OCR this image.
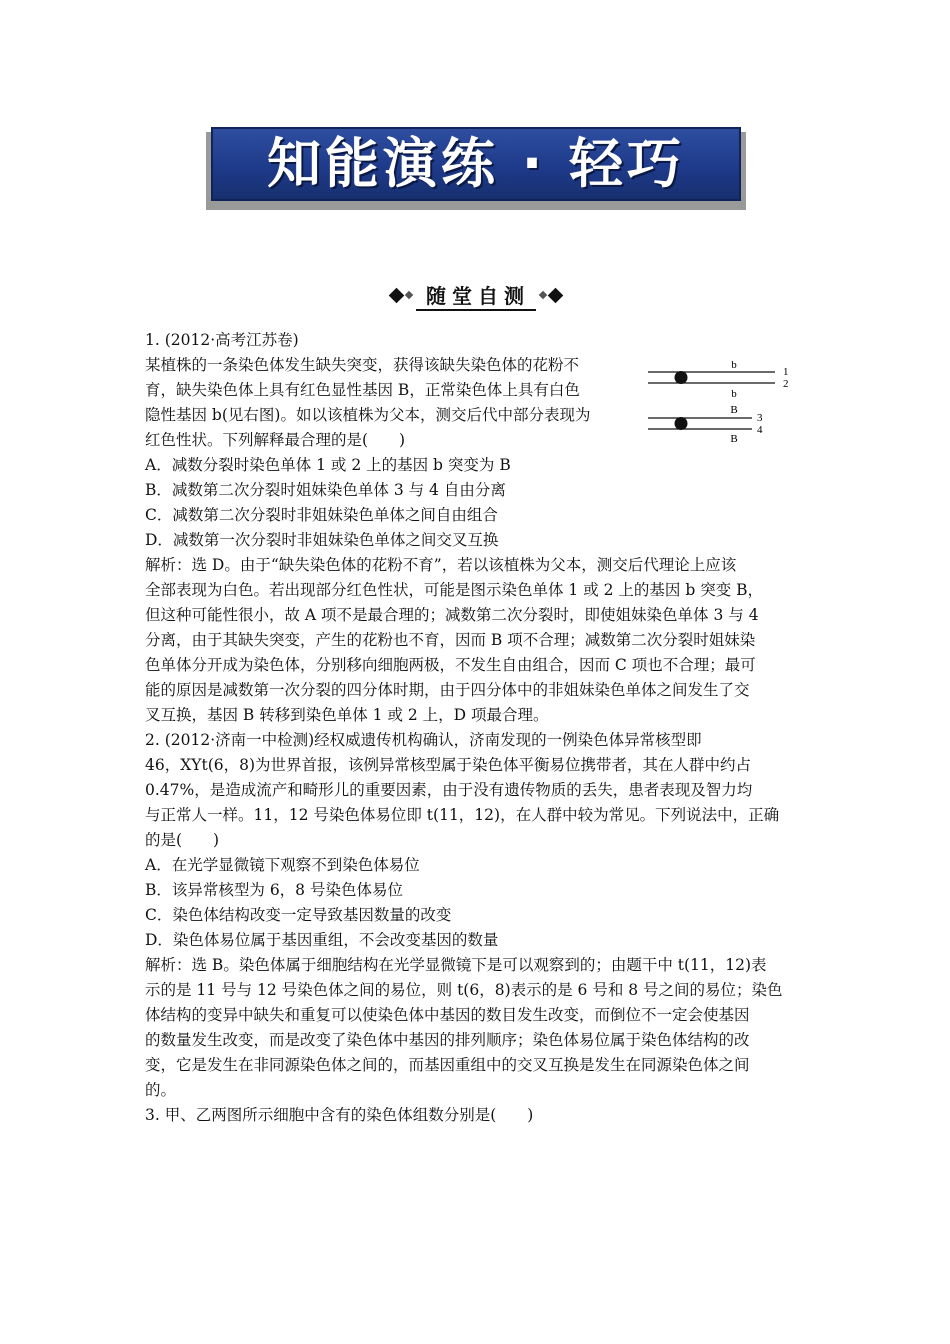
知能演练 · 轻巧
随堂自测
b
b
B
B
1
2
3
4

1. (2012·高考江苏卷)

某植株的一条染色体发生缺失突变，获得该缺失染色体的花粉不

育，缺失染色体上具有红色显性基因 B，正常染色体上具有白色

隐性基因 b(见右图)。如以该植株为父本，测交后代中部分表现为

红色性状。下列解释最合理的是(　　)

A．减数分裂时染色单体 1 或 2 上的基因 b 突变为 B

B．减数第二次分裂时姐妹染色单体 3 与 4 自由分离

C．减数第二次分裂时非姐妹染色单体之间自由组合

D．减数第一次分裂时非姐妹染色单体之间交叉互换

解析：选 D。由于“缺失染色体的花粉不育”，若以该植株为父本，测交后代理论上应该

全部表现为白色。若出现部分红色性状，可能是图示染色单体 1 或 2 上的基因 b 突变 B，

但这种可能性很小，故 A 项不是最合理的；减数第二次分裂时，即使姐妹染色单体 3 与 4

分离，由于其缺失突变，产生的花粉也不育，因而 B 项不合理；减数第二次分裂时姐妹染

色单体分开成为染色体，分别移向细胞两极，不发生自由组合，因而 C 项也不合理；最可

能的原因是减数第一次分裂的四分体时期，由于四分体中的非姐妹染色单体之间发生了交

叉互换，基因 B 转移到染色单体 1 或 2 上，D 项最合理。

2. (2012·济南一中检测)经权威遗传机构确认，济南发现的一例染色体异常核型即

46，XYt(6，8)为世界首报，该例异常核型属于染色体平衡易位携带者，其在人群中约占

0.47%，是造成流产和畸形儿的重要因素，由于没有遗传物质的丢失，患者表现及智力均

与正常人一样。11，12 号染色体易位即 t(11，12)，在人群中较为常见。下列说法中，正确

的是(　　)

A．在光学显微镜下观察不到染色体易位

B．该异常核型为 6，8 号染色体易位

C．染色体结构改变一定导致基因数量的改变

D．染色体易位属于基因重组，不会改变基因的数量

解析：选 B。染色体属于细胞结构在光学显微镜下是可以观察到的；由题干中 t(11，12)表

示的是 11 号与 12 号染色体之间的易位，则 t(6，8)表示的是 6 号和 8 号之间的易位；染色

体结构的变异中缺失和重复可以使染色体中基因的数目发生改变，而倒位不一定会使基因

的数量发生改变，而是改变了染色体中基因的排列顺序；染色体易位属于染色体结构的改

变，它是发生在非同源染色体之间的，而基因重组中的交叉互换是发生在同源染色体之间

的。

3. 甲、乙两图所示细胞中含有的染色体组数分别是(　　)
